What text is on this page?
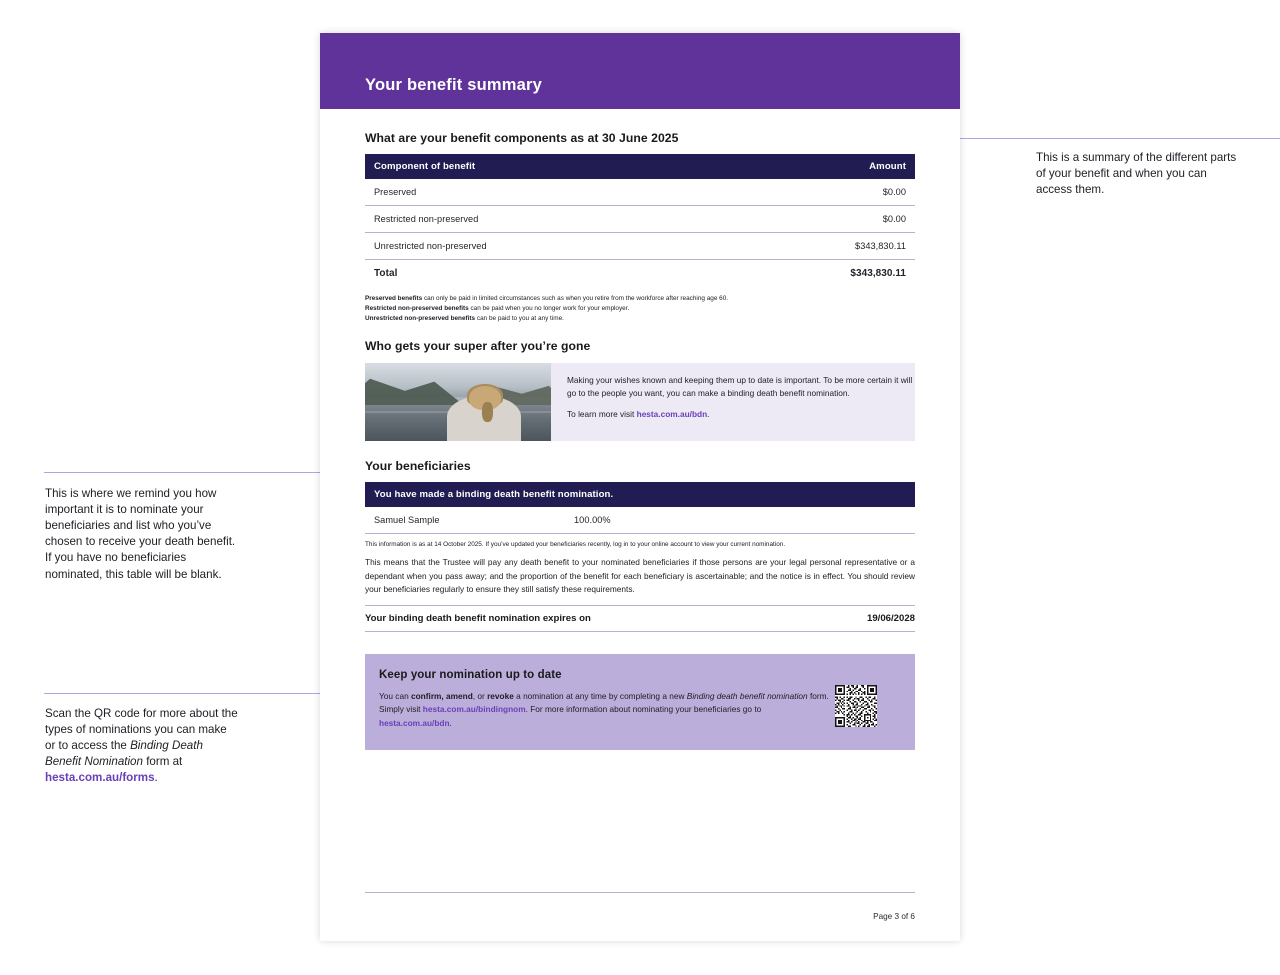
This is a summary of the different parts of your benefit and when you can access them.
This is where we remind you how important it is to nominate your beneficiaries and list who you’ve chosen to receive your death benefit. If you have no beneficiaries nominated, this table will be blank.
Scan the QR code for more about the types of nominations you can make or to access the Binding Death Benefit Nomination form at hesta.com.au/forms.
Your benefit summary
What are your benefit components as at 30 June 2025
Component of benefit	Amount
Preserved	$0.00
Restricted non-preserved	$0.00
Unrestricted non-preserved	$343,830.11
Total	$343,830.11
Preserved benefits can only be paid in limited circumstances such as when you retire from the workforce after reaching age 60.
Restricted non-preserved benefits can be paid when you no longer work for your employer.
Unrestricted non-preserved benefits can be paid to you at any time.
Who gets your super after you’re gone

Making your wishes known and keeping them up to date is important. To be more certain it will go to the people you want, you can make a binding death benefit nomination.

To learn more visit hesta.com.au/bdn.

Your beneficiaries
You have made a binding death benefit nomination.
Samuel Sample	100.00%
This information is as at 14 October 2025. If you’ve updated your beneficiaries recently, log in to your online account to view your current nomination.
This means that the Trustee will pay any death benefit to your nominated beneficiaries if those persons are your legal personal representative or a dependant when you pass away; and the proportion of the benefit for each beneficiary is ascertainable; and the notice is in effect. You should review your beneficiaries regularly to ensure they still satisfy these requirements.
Your binding death benefit nomination expires on	19/06/2028
Keep your nomination up to date

You can confirm, amend, or revoke a nomination at any time by completing a new Binding death benefit nomination form. Simply visit hesta.com.au/bindingnom. For more information about nominating your beneficiaries go to hesta.com.au/bdn.

Page 3 of 6
